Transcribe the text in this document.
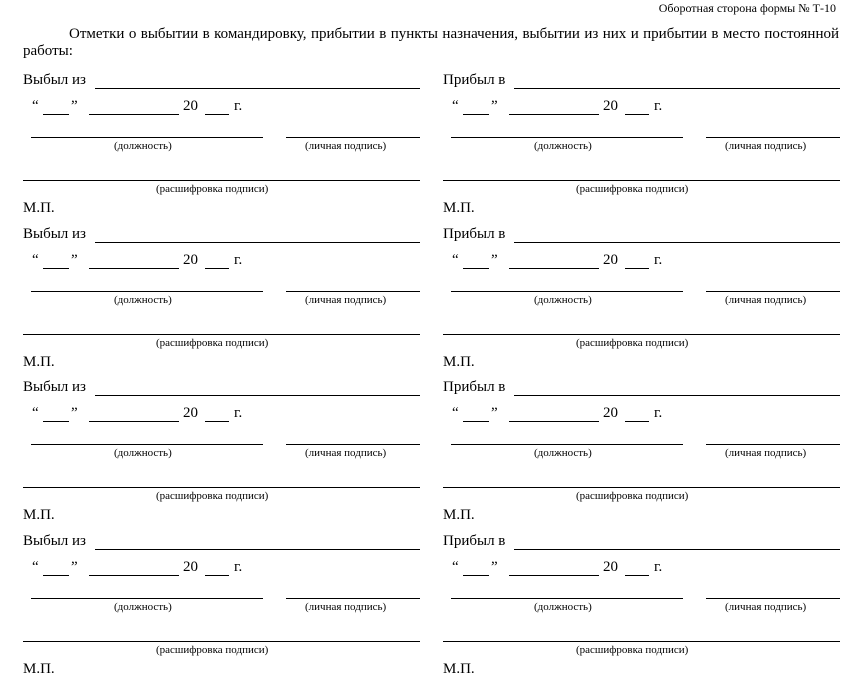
Оборотная сторона формы № Т-10
Отметки о выбытии в командировку, прибытии в пункты назначения, выбытии из них и прибытии в место постоянной работы:
Выбыл из
“ ”	20 г.
(должность)	(личная подпись)
(расшифровка подписи)
М.П.
Прибыл в
“ ”	20 г.
(должность)	(личная подпись)
(расшифровка подписи)
М.П.
Выбыл из
“ ”	20 г.
(должность)	(личная подпись)
(расшифровка подписи)
М.П.
Прибыл в
“ ”	20 г.
(должность)	(личная подпись)
(расшифровка подписи)
М.П.
Выбыл из
“ ”	20 г.
(должность)	(личная подпись)
(расшифровка подписи)
М.П.
Прибыл в
“ ”	20 г.
(должность)	(личная подпись)
(расшифровка подписи)
М.П.
Выбыл из
“ ”	20 г.
(должность)	(личная подпись)
(расшифровка подписи)
М.П.
Прибыл в
“ ”	20 г.
(должность)	(личная подпись)
(расшифровка подписи)
М.П.
